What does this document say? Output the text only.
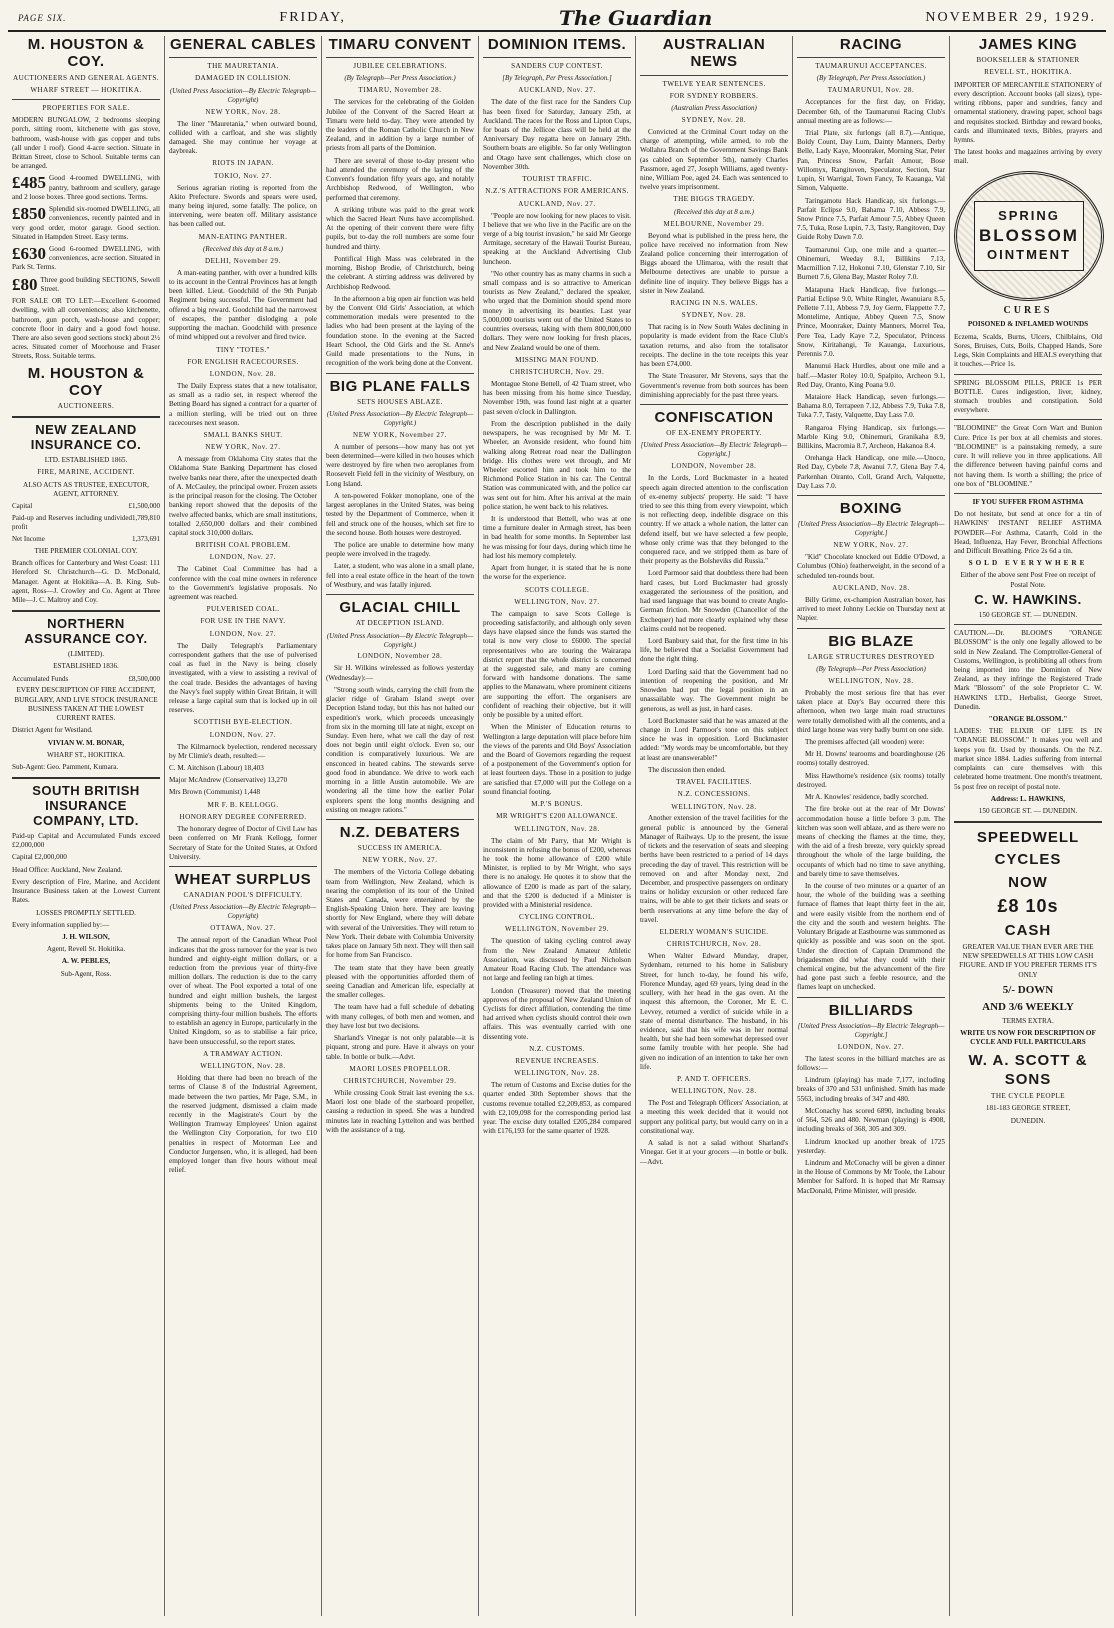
PAGE SIX.	FRIDAY,	The Guardian	NOVEMBER 29, 1929.
M. HOUSTON & COY.
AUCTIONEERS AND GENERAL AGENTS.
WHARF STREET — HOKITIKA.
PROPERTIES FOR SALE.
MODERN BUNGALOW, 2 bedrooms sleeping porch, sitting room, kitchenette with gas stove, bathroom, wash-house with gas copper and tubs (all under 1 roof). Good 4-acre section. Situate in Brittan Street, close to School. Suitable terms can be arranged.
£485 Good 4-roomed DWELLING, with pantry, bathroom and scullery, garage and 2 loose boxes. Three good sections. Terms.
£850 Splendid six-roomed DWELLING, all conveniences, recently painted and in very good order, motor garage. Good section. Situated in Hampden Street. Easy terms.
£630 Good 6-roomed DWELLING, with conveniences, acre section. Situated in Park St. Terms.
£80 Three good building SECTIONS, Sewell Street.
FOR SALE OR TO LET:—Excellent 6-roomed dwelling, with all conveniences; also kitchenette, bathroom, gun porch, wash-house and copper; concrete floor in dairy and a good fowl house. There are also seven good sections stock) about 2½ acres. Situated corner of Moorhouse and Fraser Streets, Ross. Suitable terms.
M. HOUSTON & COY
AUCTIONEERS.
NEW ZEALAND INSURANCE CO.
LTD. ESTABLISHED 1865.
FIRE, MARINE, ACCIDENT.
ALSO ACTS AS TRUSTEE, EXECUTOR, AGENT, ATTORNEY.
Capital	£1,500,000
Paid-up and Reserves including undivided profit
1,789,810
Net Income	1,373,691
THE PREMIER COLONIAL COY.
Branch offices for Canterbury and West Coast: 111 Hereford St. Christchurch—G. D. McDonald, Manager. Agent at Hokitika—A. B. King. Sub-agent, Ross—J. Crowley and Co. Agent at Three Mile—J. C. Maltroy and Coy.
NORTHERN ASSURANCE COY.
(LIMITED).
ESTABLISHED 1836.
Accumulated Funds	£8,500,000
EVERY DESCRIPTION OF FIRE ACCIDENT, BURGLARY, AND LIVE STOCK INSURANCE BUSINESS TAKEN AT THE LOWEST CURRENT RATES.
District Agent for Westland.
VIVIAN W. M. BONAR,
WHARF ST., HOKITIKA.
Sub-Agent: Geo. Pamment, Kumara.
SOUTH BRITISH INSURANCE COMPANY, LTD.
Paid-up Capital and Accumulated Funds exceed £2,000,000
Capital £2,000,000
Head Office: Auckland, New Zealand.
Every description of Fire, Marine, and Accident Insurance Business taken at the Lowest Current Rates.
LOSSES PROMPTLY SETTLED.
Every information supplied by:—
J. H. WILSON,
Agent, Revell St. Hokitika.
A. W. PEBLES,
Sub-Agent, Ross.
GENERAL CABLES
THE MAURETANIA.
DAMAGED IN COLLISION.
(United Press Association—By Electric Telegraph—Copyright)
NEW YORK, Nov. 28.
The liner "Mauretania," when outward bound, collided with a carfloat, and she was slightly damaged. She may continue her voyage at daybreak.
RIOTS IN JAPAN.
TOKIO, Nov. 27.
Serious agrarian rioting is reported from the Akito Prefecture. Swords and spears were used, many being injured, some fatally. The police, on intervening, were beaten off. Military assistance has been called out.
MAN-EATING PANTHER.
(Received this day at 8 a.m.)
DELHI, November 29.
A man-eating panther, with over a hundred kills to its account in the Central Provinces has at length been killed. Lieut. Goodchild of the 9th Punjab Regiment being successful. The Government had offered a big reward. Goodchild had the narrowest of escapes, the panther dislodging a pole supporting the machan. Goodchild with presence of mind whipped out a revolver and fired twice.
TINY "TOTES."
FOR ENGLISH RACECOURSES.
LONDON, Nov. 28.
The Daily Express states that a new totalisator, as small as a radio set, in respect whereof the Betting Board has signed a contract for a quarter of a million sterling, will be tried out on three racecourses next season.
SMALL BANKS SHUT.
NEW YORK, Nov. 27.
A message from Oklahoma City states that the Oklahoma State Banking Department has closed twelve banks near there, after the unexpected death of A. McCauley, the principal owner. Frozen assets is the principal reason for the closing. The October banking report showed that the deposits of the twelve affected banks, which are small institutions, totalled 2,650,000 dollars and their combined capital stock 310,000 dollars.
BRITISH COAL PROBLEM.
LONDON, Nov. 27.
The Cabinet Coal Committee has had a conference with the coal mine owners in reference to the Government's legislative proposals. No agreement was reached.
PULVERISED COAL.
FOR USE IN THE NAVY.
LONDON, Nov. 27.
The Daily Telegraph's Parliamentary correspondent gathers that the use of pulverised coal as fuel in the Navy is being closely investigated, with a view to assisting a revival of the coal trade. Besides the advantages of having the Navy's fuel supply within Great Britain, it will release a large capital sum that is locked up in oil reserves.
SCOTTISH BYE-ELECTION.
LONDON, Nov. 27.
The Kilmarnock byelection, rendered necessary by Mr Climie's death, resulted:—
C. M. Aitchison (Labour) 18,403
Major McAndrew (Conservative) 13,270
Mrs Brown (Communist) 1,448
MR F. B. KELLOGG.
HONORARY DEGREE CONFERRED.
The honorary degree of Doctor of Civil Law has been conferred on Mr Frank Kellogg, former Secretary of State for the United States, at Oxford University.
WHEAT SURPLUS
CANADIAN POOL'S DIFFICULTY.
(United Press Association—By Electric Telegraph—Copyright)
OTTAWA, Nov. 27.
The annual report of the Canadian Wheat Pool indicates that the gross turnover for the year is two hundred and eighty-eight million dollars, or a reduction from the previous year of thirty-five million dollars. The reduction is due to the carry over of wheat. The Pool exported a total of one hundred and eight million bushels, the largest shipments being to the United Kingdom, comprising thirty-four million bushels. The efforts to establish an agency in Europe, particularly in the United Kingdom, so as to stabilise a fair price, have been unsuccessful, so the report states.
A TRAMWAY ACTION.
WELLINGTON, Nov. 28.
Holding that there had been no breach of the terms of Clause 8 of the Industrial Agreement, made between the two parties, Mr Page, S.M., in the reserved judgment, dismissed a claim made recently in the Magistrate's Court by the Wellington Tramway Employees' Union against the Wellington City Corporation, for two £10 penalties in respect of Motorman Lee and Conductor Jurgensen, who, it is alleged, had been employed longer than five hours without meal relief.
TIMARU CONVENT
JUBILEE CELEBRATIONS.
(By Telegraph—Per Press Association.)
TIMARU, November 28.
The services for the celebrating of the Golden Jubilee of the Convent of the Sacred Heart at Timaru were held to-day. They were attended by the leaders of the Roman Catholic Church in New Zealand, and in addition by a large number of priests from all parts of the Dominion.
There are several of those to-day present who had attended the ceremony of the laying of the Convent's foundation fifty years ago, and notably Archbishop Redwood, of Wellington, who performed that ceremony.
A striking tribute was paid to the great work which the Sacred Heart Nuns have accomplished. At the opening of their convent there were fifty pupils, but to-day the roll numbers are some four hundred and thirty.
Pontifical High Mass was celebrated in the morning, Bishop Brodie, of Christchurch, being the celebrant. A stirring address was delivered by Archbishop Redwood.
In the afternoon a big open air function was held by the Convent Old Girls' Association, at which commemoration medals were presented to the ladies who had been present at the laying of the foundation stone. In the evening at the Sacred Heart School, the Old Girls and the St. Anne's Guild made presentations to the Nuns, in recognition of the work being done at the Convent.
BIG PLANE FALLS
SETS HOUSES ABLAZE.
(United Press Association—By Electric Telegraph—Copyright.)
NEW YORK, November 27.
A number of persons—how many has not yet been determined—were killed in two houses which were destroyed by fire when two aeroplanes from Roosevelt Field fell in the vicinity of Westbury, on Long Island.
A ten-powered Fokker monoplane, one of the largest aeroplanes in the United States, was being tested by the Department of Commerce, when it fell and struck one of the houses, which set fire to the second house. Both houses were destroyed.
The police are unable to determine how many people were involved in the tragedy.
Later, a student, who was alone in a small plane, fell into a real estate office in the heart of the town of Westbury, and was fatally injured.
GLACIAL CHILL
AT DECEPTION ISLAND.
(United Press Association—By Electric Telegraph—Copyright.)
LONDON, November 28.
Sir H. Wilkins wirelessed as follows yesterday (Wednesday):—
"Strong south winds, carrying the chill from the glacier ridge of Graham Island swept over Deception Island today, but this has not halted our expedition's work, which proceeds unceasingly from six in the morning till late at night, except on Sunday. Even here, what we call the day of rest does not begin until eight o'clock. Even so, our condition is comparatively luxurious. We are ensconced in heated cabins. The stewards serve good food in abundance. We drive to work each morning in a little Austin automobile. We are wondering all the time how the earlier Polar explorers spent the long months designing and existing on meagre rations."
N.Z. DEBATERS
SUCCESS IN AMERICA.
NEW YORK, Nov. 27.
The members of the Victoria College debating team from Wellington, New Zealand, which is nearing the completion of its tour of the United States and Canada, were entertained by the English-Speaking Union here. They are leaving shortly for New England, where they will debate with several of the Universities. They will return to New York. Their debate with Columbia University takes place on January 5th next. They will then sail for home from San Francisco.
The team state that they have been greatly pleased with the opportunities afforded them of seeing Canadian and American life, especially at the smaller colleges.
The team have had a full schedule of debating with many colleges, of both men and women, and they have lost but two decisions.
Sharland's Vinegar is not only palatable—it is piquant, strong and pure. Have it always on your table. In bottle or bulk.—Advt.
MAORI LOSES PROPELLOR.
CHRISTCHURCH, November 29.
While crossing Cook Strait last evening the s.s. Maori lost one blade of the starboard propeller, causing a reduction in speed. She was a hundred minutes late in reaching Lyttelton and was berthed with the assistance of a tug.
DOMINION ITEMS.
SANDERS CUP CONTEST.
[By Telegraph, Per Press Association.]
AUCKLAND, Nov. 27.
The date of the first race for the Sanders Cup has been fixed for Saturday, January 25th, at Auckland. The races for the Ross and Lipton Cups, for boats of the Jellicoe class will be held at the Anniversary Day regatta here on January 29th. Southern boats are eligible. So far only Wellington and Otago have sent challenges, which close on November 30th.
TOURIST TRAFFIC.
N.Z.'S ATTRACTIONS FOR AMERICANS.
AUCKLAND, Nov. 27.
"People are now looking for new places to visit. I believe that we who live in the Pacific are on the verge of a big tourist invasion," he said Mr George Armitage, secretary of the Hawaii Tourist Bureau, speaking at the Auckland Advertising Club luncheon.
"No other country has as many charms in such a small compass and is so attractive to American tourists as New Zealand," declared the speaker, who urged that the Dominion should spend more money in advertising its beauties. Last year 5,000,000 tourists went out of the United States to countries overseas, taking with them 800,000,000 dollars. They were now looking for fresh places, and New Zealand would be one of them.
MISSING MAN FOUND.
CHRISTCHURCH, Nov. 29.
Montague Stone Bettell, of 42 Tuam street, who has been missing from his home since Tuesday, November 19th, was found last night at a quarter past seven o'clock in Dallington.
From the description published in the daily newspapers, he was recognised by Mr M. T. Wheeler, an Avonside resident, who found him walking along Retreat road near the Dallington bridge. His clothes were wet through, and Mr Wheeler escorted him and took him to the Richmond Police Station in his car. The Central Station was communicated with, and the police car was sent out for him. After his arrival at the main police station, he went back to his relatives.
It is understood that Bettell, who was at one time a furniture dealer in Armagh street, has been in bad health for some months. In September last he was missing for four days, during which time he had lost his memory completely.
Apart from hunger, it is stated that he is none the worse for the experience.
SCOTS COLLEGE.
WELLINGTON, Nov. 27.
The campaign to save Scots College is proceeding satisfactorily, and although only seven days have elapsed since the funds was started the total is now very close to £6000. The special representatives who are touring the Wairarapa district report that the whole district is concerned at the suggested sale, and many are coming forward with handsome donations. The same applies to the Manawatu, where prominent citizens are supporting the effort. The organisers are confident of reaching their objective, but it will only be possible by a united effort.
When the Minister of Education returns to Wellington a large deputation will place before him the views of the parents and Old Boys' Association and the Board of Governors regarding the request of a postponement of the Government's option for at least fourteen days. Those in a position to judge are satisfied that £7,000 will put the College on a sound financial footing.
M.P.'S BONUS.
MR WRIGHT'S £200 ALLOWANCE.
WELLINGTON, Nov. 28.
The claim of Mr Parry, that Mr Wright is inconsistent in refusing the bonus of £200, whereas he took the home allowance of £200 while Minister, is replied to by Mr Wright, who says there is no analogy. He quotes it to show that the allowance of £200 is made as part of the salary, and that the £200 is deducted if a Minister is provided with a Ministerial residence.
CYCLING CONTROL.
WELLINGTON, November 29.
The question of taking cycling control away from the New Zealand Amateur Athletic Association, was discussed by Paul Nicholson Amateur Road Racing Club. The attendance was not large and feeling ran high at times.
London (Treasurer) moved that the meeting approves of the proposal of New Zealand Union of Cyclists for direct affiliation, contending the time had arrived when cyclists should control their own affairs. This was eventually carried with one dissenting vote.
N.Z. CUSTOMS.
REVENUE INCREASES.
WELLINGTON, Nov. 28.
The return of Customs and Excise duties for the quarter ended 30th September shows that the customs revenue totalled £2,209,853, as compared with £2,109,098 for the corresponding period last year. The excise duty totalled £205,284 compared with £176,193 for the same quarter of 1928.
AUSTRALIAN NEWS
TWELVE YEAR SENTENCES.
FOR SYDNEY ROBBERS.
(Australian Press Association)
SYDNEY, Nov. 28.
Convicted at the Criminal Court today on the charge of attempting, while armed, to rob the Wollahra Branch of the Government Savings Bank (as cabled on September 5th), namely Charles Passmore, aged 27, Joseph Williams, aged twenty-nine, William Poe, aged 24. Each was sentenced to twelve years imprisonment.
THE BIGGS TRAGEDY.
(Received this day at 8 a.m.)
MELBOURNE, November 29.
Beyond what is published in the press here, the police have received no information from New Zealand police concerning their interrogation of Biggs aboard the Ulimaroa, with the result that Melbourne detectives are unable to pursue a definite line of inquiry. They believe Biggs has a sister in New Zealand.
RACING IN N.S. WALES.
SYDNEY, Nov. 28.
That racing is in New South Wales declining in popularity is made evident from the Race Club's taxation returns, and also from the totalisator receipts. The decline in the tote receipts this year has been £74,000.
The State Treasurer, Mr Stevens, says that the Government's revenue from both sources has been diminishing appreciably for the past three years.
CONFISCATION
OF EX-ENEMY PROPERTY.
[United Press Association—By Electric Telegraph—Copyright.]
LONDON, November 28.
In the Lords, Lord Buckmaster in a heated speech again directed attention to the confiscation of ex-enemy subjects' property. He said: "I have tried to see this thing from every viewpoint, which is not reflecting deep, indelible disgrace on this country. If we attack a whole nation, the latter can defend itself, but we have selected a few people, whose only crime was that they belonged to the conquered race, and we stripped them as bare of their property as the Bolsheviks did Russia."
Lord Parmoor said that doubtless there had been hard cases, but Lord Buckmaster had grossly exaggerated the seriousness of the position, and had used language that was bound to create Anglo-German friction. Mr Snowden (Chancellor of the Exchequer) had more clearly explained why these claims could not be reopened.
Lord Banbury said that, for the first time in his life, he believed that a Socialist Government had done the right thing.
Lord Darling said that the Government had no intention of reopening the position, and Mr Snowden had put the legal position in an unassailable way. The Government might be generous, as well as just, in hard cases.
Lord Buckmaster said that he was amazed at the change in Lord Parmoor's tone on this subject since he was in opposition. Lord Buckmaster added: "My words may be uncomfortable, but they at least are unanswerable!"
The discussion then ended.
TRAVEL FACILITIES.
N.Z. CONCESSIONS.
WELLINGTON, Nov. 28.
Another extension of the travel facilities for the general public is announced by the General Manager of Railways. Up to the present, the issue of tickets and the reservation of seats and sleeping berths have been restricted to a period of 14 days preceding the day of travel. This restriction will be removed on and after Monday next, 2nd December, and prospective passengers on ordinary trains or holiday excursion or other reduced fare trains, will be able to get their tickets and seats or berth reservations at any time before the day of travel.
ELDERLY WOMAN'S SUICIDE.
CHRISTCHURCH, Nov. 28.
When Walter Edward Munday, draper, Sydenham, returned to his home in Salisbury Street, for lunch to-day, he found his wife, Florence Munday, aged 69 years, lying dead in the scullery, with her head in the gas oven. At the inquest this afternoon, the Coroner, Mr E. C. Levvey, returned a verdict of suicide while in a state of mental disturbance. The husband, in his evidence, said that his wife was in her normal health, but she had been somewhat depressed over some family trouble with her people. She had given no indication of an intention to take her own life.
P. AND T. OFFICERS.
WELLINGTON, Nov. 28.
The Post and Telegraph Officers' Association, at a meeting this week decided that it would not support any political party, but would carry on in a constitutional way.
A salad is not a salad without Sharland's Vinegar. Get it at your grocers —in bottle or bulk.—Advt.
RACING
TAUMARUNUI ACCEPTANCES.
(By Telegraph, Per Press Association.)
TAUMARUNUI, Nov. 28.
Acceptances for the first day, on Friday, December 6th, of the Taumarunui Racing Club's annual meeting are as follows:—
Trial Plate, six furlongs (all 8.7).—Antique, Boldy Count, Day Lum, Dainty Manners, Derby Belle, Lady Kaye, Moonraker, Morning Star, Peter Pan, Princess Snow, Parfait Amour, Bose Willomyx, Rangitoven, Speculator, Section, Star Lupin, St Warrigal, Town Fancy, Te Kauanga, Val Simon, Valquette.
Taringamotu Hack Handicap, six furlongs.—Parfait Eclipse 9.0, Bahama 7.10, Abbess 7.9, Snow Prince 7.5, Parfait Amour 7.5, Abbey Queen 7.5, Tuka, Rose Lupin, 7.3, Tasty, Rangitoven, Day Guide Roby Dawn 7.0.
Taumarunui Cup, one mile and a quarter.—Ohinemuri, Weeday 8.1, Billikins 7.13, Macmillion 7.12, Hokonui 7.10, Glenstar 7.10, Sir Burnett 7.6, Glena Bay, Master Roley 7.0.
Matapuna Hack Handicap, five furlongs.—Partial Eclipse 9.0, White Ringlet, Awanuiaru 8.5, Pellette 7.11, Abbess 7.9, Joy Germ, Flappette 7.7, Montelime, Antique, Abbey Queen 7.5, Snow Prince, Moonraker, Dainty Manners, Morrel Tea, Pere Tea, Lady Kaye 7.2, Speculator, Princess Snow, Kiritahangi, Te Kauanga, Luxurious, Perennis 7.0.
Manunui Hack Hurdles, about one mile and a half.—Master Roley 10.0, Spalpito, Archeon 9.1, Red Day, Oranto, King Poana 9.0.
Mataiore Hack Handicap, seven furlongs.—Bahama 8.0, Terrapeen 7.12, Abbess 7.9, Tuka 7.8, Tuka 7.7, Tasty, Valquette, Day Lass 7.0.
Rangaroa Flying Handicap, six furlongs.—Marble King 9.0, Ohinemuri, Granikaha 8.9, Billikins, Macromia 8.7, Archeon, Hakanoa 8.4.
Orehanga Hack Handicap, one mile.—Unoco, Red Day, Cybele 7.8, Awanui 7.7, Glena Bay 7.4, Parkenhan Oiranto, Coll, Grand Arch, Valquette, Day Lass 7.0.
BOXING
[United Press Association—By Electric Telegraph—Copyright.]
NEW YORK, Nov. 27.
"Kid" Chocolate knocked out Eddie O'Dowd, a Columbus (Ohio) featherweight, in the second of a scheduled ten-rounds bout.
AUCKLAND, Nov. 28.
Billy Grime, ex-champion Australian boxer, has arrived to meet Johnny Leckie on Thursday next at Napier.
BIG BLAZE
LARGE STRUCTURES DESTROYED
(By Telegraph—Per Press Association)
WELLINGTON, Nov. 28.
Probably the most serious fire that has ever taken place at Day's Bay occurred there this afternoon, when two large main road structures were totally demolished with all the contents, and a third large house was very badly burnt on one side.
The premises affected (all wooden) were:
Mr H. Downs' tearooms and boardinghouse (26 rooms) totally destroyed.
Miss Hawthorne's residence (six rooms) totally destroyed.
Mr A. Knowles' residence, badly scorched.
The fire broke out at the rear of Mr Downs' accommodation house a little before 3 p.m. The kitchen was soon well ablaze, and as there were no means of checking the flames at the time, they, with the aid of a fresh breeze, very quickly spread throughout the whole of the large building, the occupants of which had no time to save anything, and barely time to save themselves.
In the course of two minutes or a quarter of an hour, the whole of the building was a seething furnace of flames that leapt thirty feet in the air, and were easily visible from the northern end of the city and the south and western heights. The Voluntary Brigade at Eastbourne was summoned as quickly as possible and was soon on the spot. Under the direction of Captain Drummond the brigadesmen did what they could with their chemical engine, but the advancement of the fire had gone past such a feeble resource, and the flames leapt on unchecked.
BILLIARDS
[United Press Association—By Electric Telegraph—Copyright.]
LONDON, Nov. 27.
The latest scores in the billiard matches are as follows:—
Lindrum (playing) has made 7,177, including breaks of 370 and 531 unfinished. Smith has made 5563, including breaks of 347 and 480.
McConachy has scored 6890, including breaks of 564, 526 and 480. Newman (playing) is 4908, including breaks of 368, 305 and 309.
Lindrum knocked up another break of 1725 yesterday.
Lindrum and McConachy will be given a dinner in the House of Commons by Mr Toole, the Labour Member for Salford. It is hoped that Mr Ramsay MacDonald, Prime Minister, will preside.
JAMES KING
BOOKSELLER & STATIONER
REVELL ST., HOKITIKA.
IMPORTER OF MERCANTILE STATIONERY of every description. Account books (all sizes), type-writing ribbons, paper and sundries, fancy and ornamental stationery, drawing paper, school bags and requisites stocked. Birthday and reward books, cards and illuminated texts, Bibles, prayers and hymns.
The latest books and magazines arriving by every mail.
SPRING
BLOSSOM
OINTMENT
CURES
POISONED & INFLAMED WOUNDS
Eczema, Scalds, Burns, Ulcers, Chilblains, Old Sores, Bruises, Cuts, Boils, Chapped Hands, Sore Legs, Skin Complaints and HEALS everything that it touches.—Price 1s.
SPRING BLOSSOM PILLS, PRICE 1s PER BOTTLE. Cures indigestion, liver, kidney, stomach troubles and constipation. Sold everywhere.
"BLOOMINE" the Great Corn Wart and Bunion Cure. Price 1s per box at all chemists and stores. "BLOOMINE" is a painstaking remedy, a sure cure. It will relieve you in three applications. All the difference between having painful corns and not having them. Is worth a shilling; the price of one box of "BLOOMINE."
IF YOU SUFFER FROM ASTHMA
Do not hesitate, but send at once for a tin of HAWKINS' INSTANT RELIEF ASTHMA POWDER—For Asthma, Catarrh, Cold in the Head, Influenza, Hay Fever, Bronchial Affections and Difficult Breathing. Price 2s 6d a tin.
SOLD EVERYWHERE
Either of the above sent Post Free on receipt of Postal Note.
C. W. HAWKINS.
150 GEORGE ST. — DUNEDIN.
CAUTION.—Dr. BLOOM'S "ORANGE BLOSSOM" is the only one legally allowed to be sold in New Zealand. The Comptroller-General of Customs, Wellington, is prohibiting all others from being imported into the Dominion of New Zealand, as they infringe the Registered Trade Mark "Blossom" of the sole Proprietor C. W. HAWKINS LTD., Herbalist, George Street, Dunedin.
"ORANGE BLOSSOM."
LADIES: THE ELIXIR OF LIFE IS IN "ORANGE BLOSSOM." It makes you well and keeps you fit. Used by thousands. On the N.Z. market since 1884. Ladies suffering from internal complaints can cure themselves with this celebrated home treatment. One month's treatment, 5s post free on receipt of postal note.
Address: L. HAWKINS,
150 GEORGE ST. — DUNEDIN.
SPEEDWELL
CYCLES
NOW
£8 10s
CASH
GREATER VALUE THAN EVER ARE THE NEW SPEEDWELLS AT THIS LOW CASH FIGURE. AND IF YOU PREFER TERMS IT'S ONLY
5/- DOWN
AND 3/6 WEEKLY
TERMS EXTRA.
WRITE US NOW FOR DESCRIPTION OF CYCLE AND FULL PARTICULARS
W. A. SCOTT & SONS
THE CYCLE PEOPLE
181-183 GEORGE STREET,
DUNEDIN.
